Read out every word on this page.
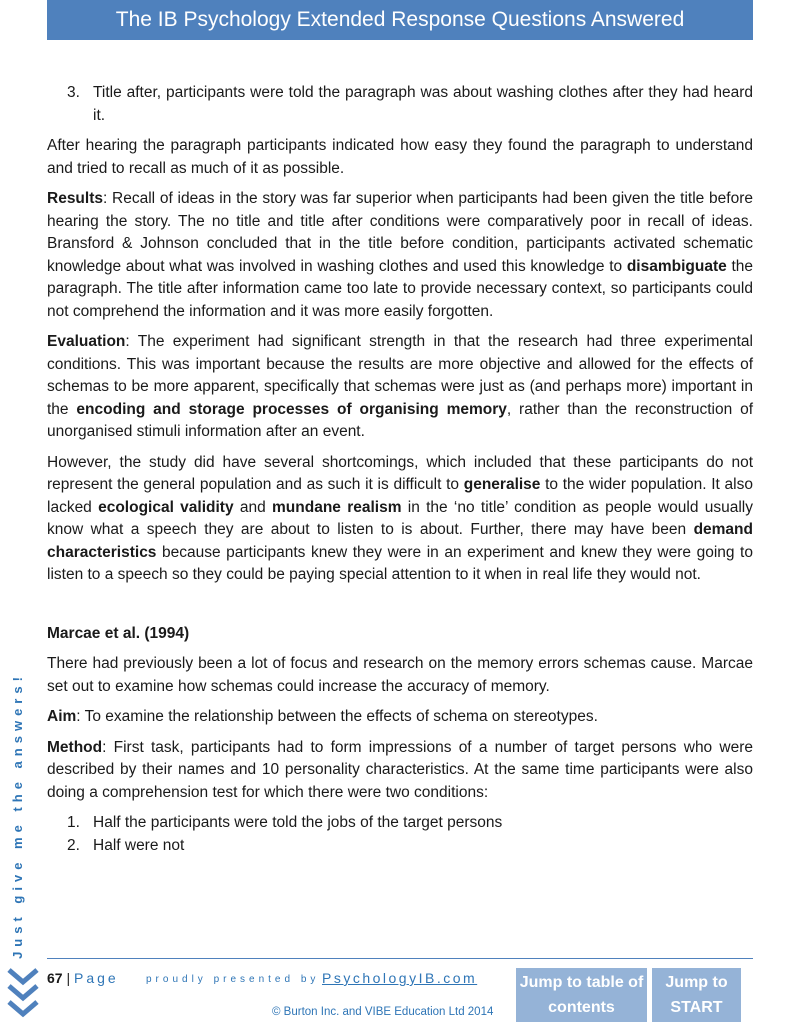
The IB Psychology Extended Response Questions Answered
Just give me the answers!
3. Title after, participants were told the paragraph was about washing clothes after they had heard it.

After hearing the paragraph participants indicated how easy they found the paragraph to understand and tried to recall as much of it as possible.

Results: Recall of ideas in the story was far superior when participants had been given the title before hearing the story. The no title and title after conditions were comparatively poor in recall of ideas. Bransford & Johnson concluded that in the title before condition, participants activated schematic knowledge about what was involved in washing clothes and used this knowledge to disambiguate the paragraph. The title after information came too late to provide necessary context, so participants could not comprehend the information and it was more easily forgotten.

Evaluation: The experiment had significant strength in that the research had three experimental conditions. This was important because the results are more objective and allowed for the effects of schemas to be more apparent, specifically that schemas were just as (and perhaps more) important in the encoding and storage processes of organising memory, rather than the reconstruction of unorganised stimuli information after an event.

However, the study did have several shortcomings, which included that these participants do not represent the general population and as such it is difficult to generalise to the wider population. It also lacked ecological validity and mundane realism in the ‘no title’ condition as people would usually know what a speech they are about to listen to is about. Further, there may have been demand characteristics because participants knew they were in an experiment and knew they were going to listen to a speech so they could be paying special attention to it when in real life they would not.

Marcae et al. (1994)

There had previously been a lot of focus and research on the memory errors schemas cause. Marcae set out to examine how schemas could increase the accuracy of memory.

Aim: To examine the relationship between the effects of schema on stereotypes.

Method: First task, participants had to form impressions of a number of target persons who were described by their names and 10 personality characteristics. At the same time participants were also doing a comprehension test for which there were two conditions:

1. Half the participants were told the jobs of the target persons
2. Half were not
67 | Page	proudly presented by PsychologyIB.com
© Burton Inc. and VIBE Education Ltd 2014
Jump to table of contents
Jump to START
